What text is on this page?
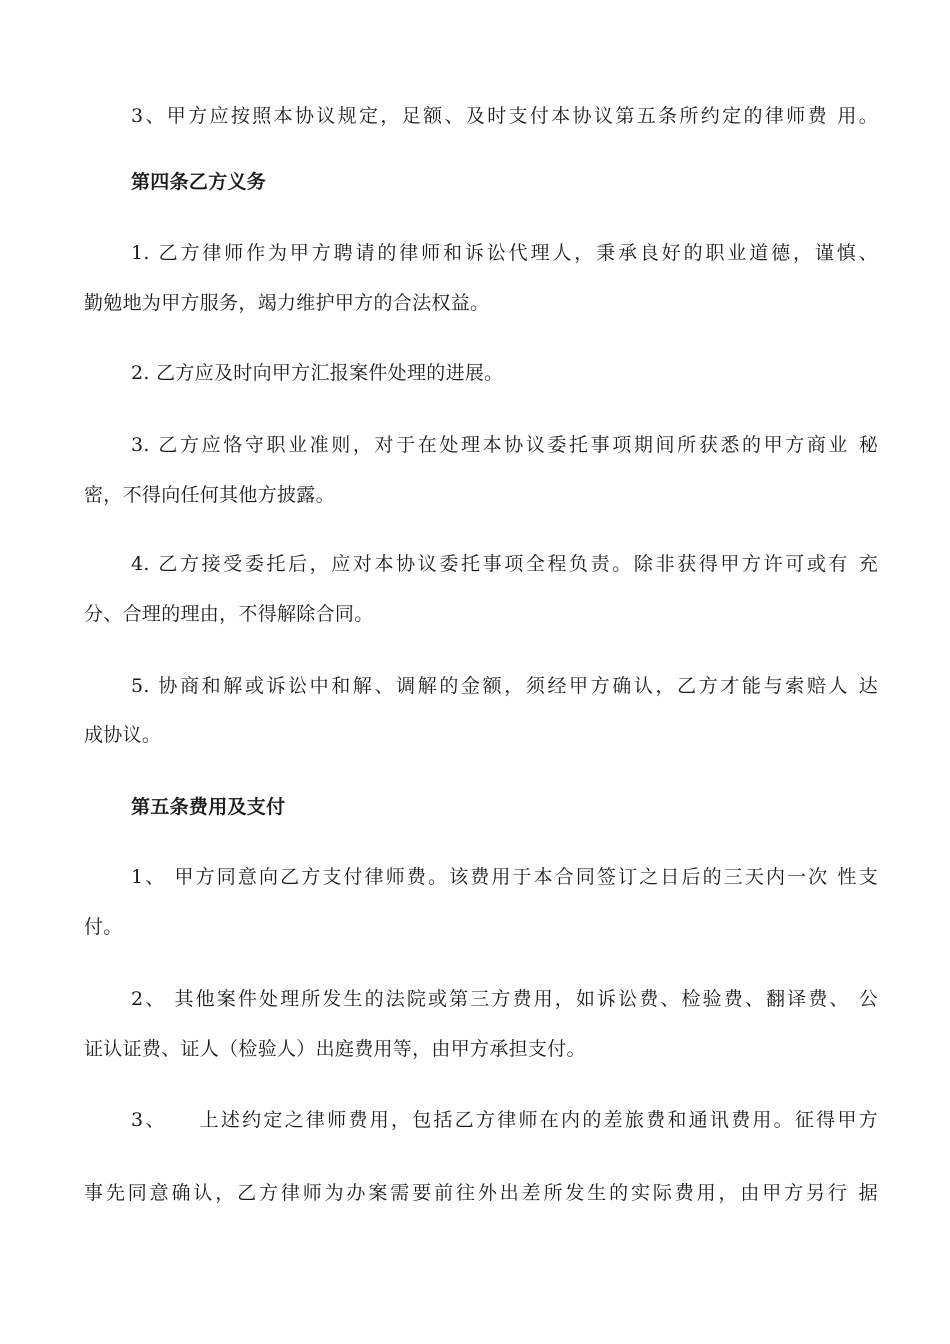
3、甲方应按照本协议规定，足额、及时支付本协议第五条所约定的律师费 用。
第四条乙方义务
1. 乙方律师作为甲方聘请的律师和诉讼代理人，秉承良好的职业道德，谨慎、
勤勉地为甲方服务，竭力维护甲方的合法权益。
2. 乙方应及时向甲方汇报案件处理的进展。
3. 乙方应恪守职业准则，对于在处理本协议委托事项期间所获悉的甲方商业 秘
密，不得向任何其他方披露。
4. 乙方接受委托后，应对本协议委托事项全程负责。除非获得甲方许可或有 充
分、合理的理由，不得解除合同。
5. 协商和解或诉讼中和解、调解的金额，须经甲方确认，乙方才能与索赔人 达
成协议。
第五条费用及支付
1、 甲方同意向乙方支付律师费。该费用于本合同签订之日后的三天内一次 性支
付。
2、 其他案件处理所发生的法院或第三方费用，如诉讼费、检验费、翻译费、 公
证认证费、证人（检验人）出庭费用等，由甲方承担支付。
3、　　上述约定之律师费用，包括乙方律师在内的差旅费和通讯费用。征得甲方
事先同意确认，乙方律师为办案需要前往外出差所发生的实际费用，由甲方另行 据
